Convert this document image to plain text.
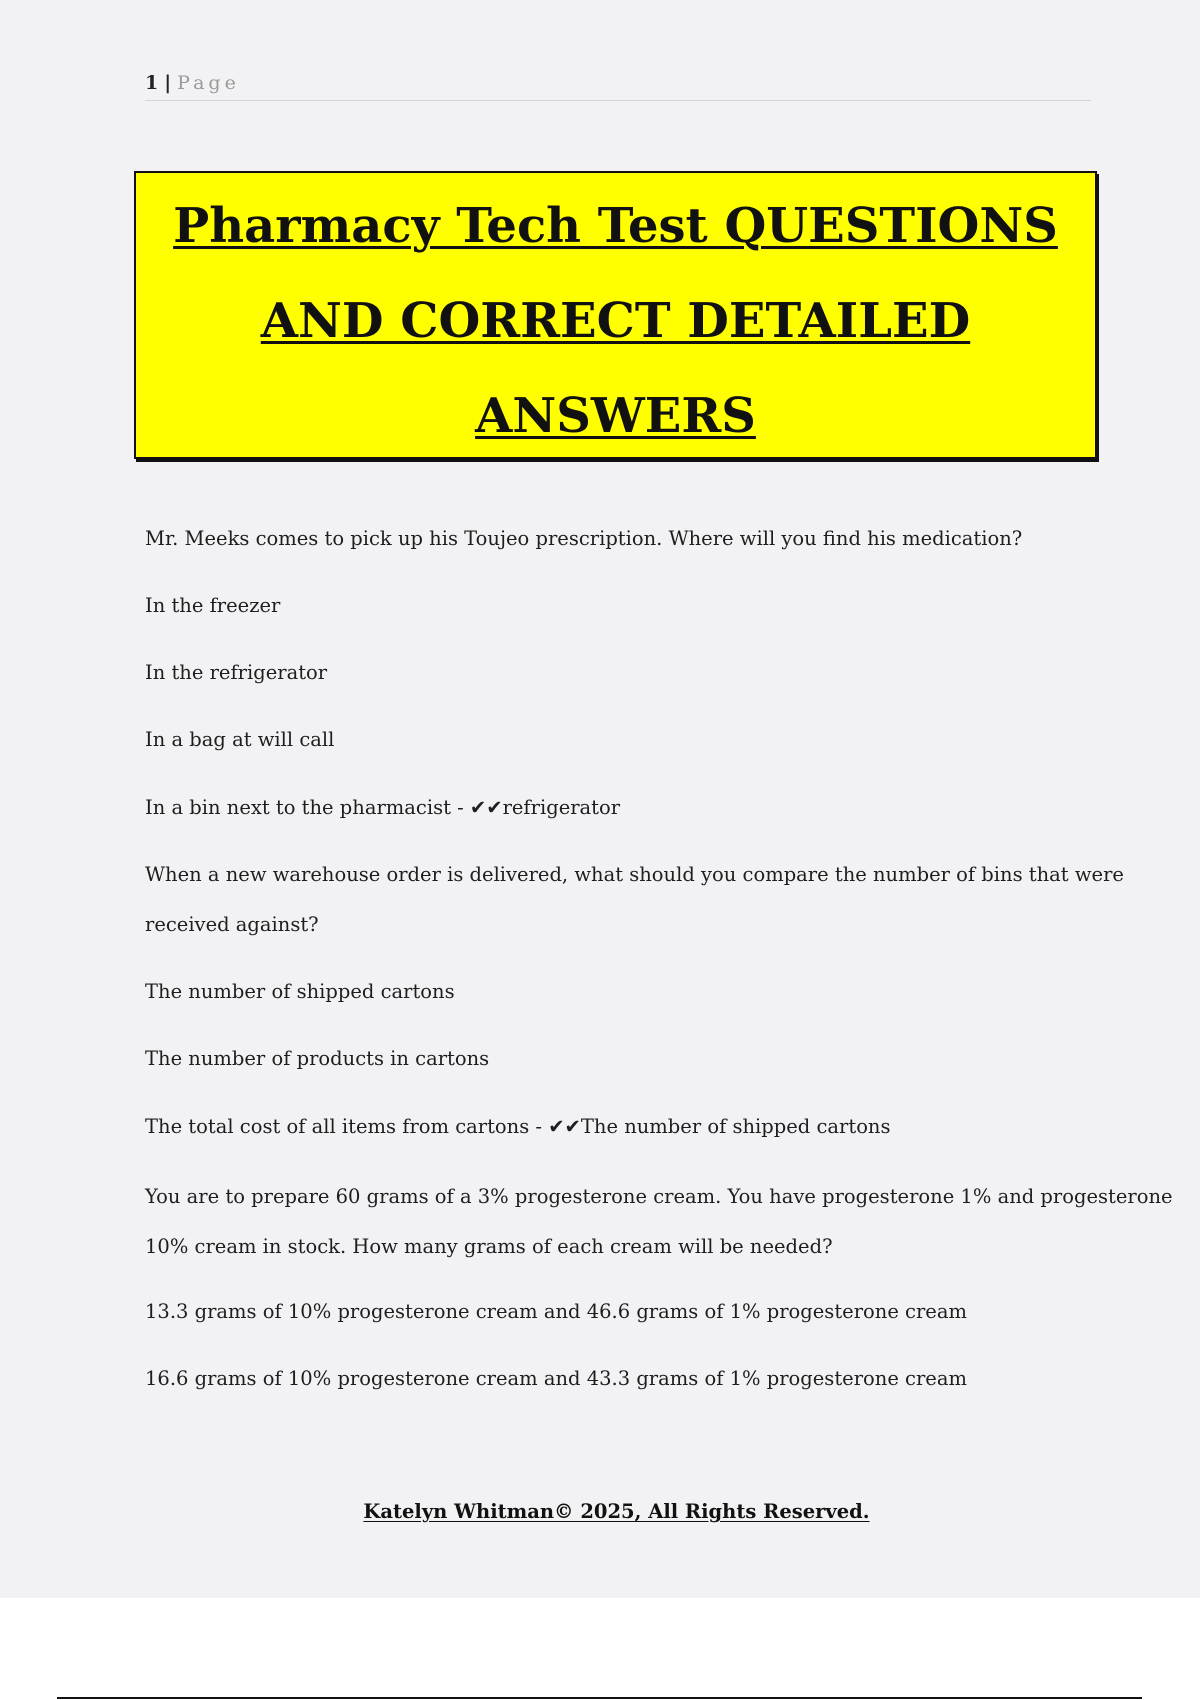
1 | Page
Pharmacy Tech Test QUESTIONS
AND CORRECT DETAILED
ANSWERS
Mr. Meeks comes to pick up his Toujeo prescription. Where will you find his medication?
In the freezer
In the refrigerator
In a bag at will call
In a bin next to the pharmacist - ✔✔refrigerator
When a new warehouse order is delivered, what should you compare the number of bins that were
received against?
The number of shipped cartons
The number of products in cartons
The total cost of all items from cartons - ✔✔The number of shipped cartons
You are to prepare 60 grams of a 3% progesterone cream. You have progesterone 1% and progesterone
10% cream in stock. How many grams of each cream will be needed?
13.3 grams of 10% progesterone cream and 46.6 grams of 1% progesterone cream
16.6 grams of 10% progesterone cream and 43.3 grams of 1% progesterone cream
Katelyn Whitman© 2025, All Rights Reserved.
